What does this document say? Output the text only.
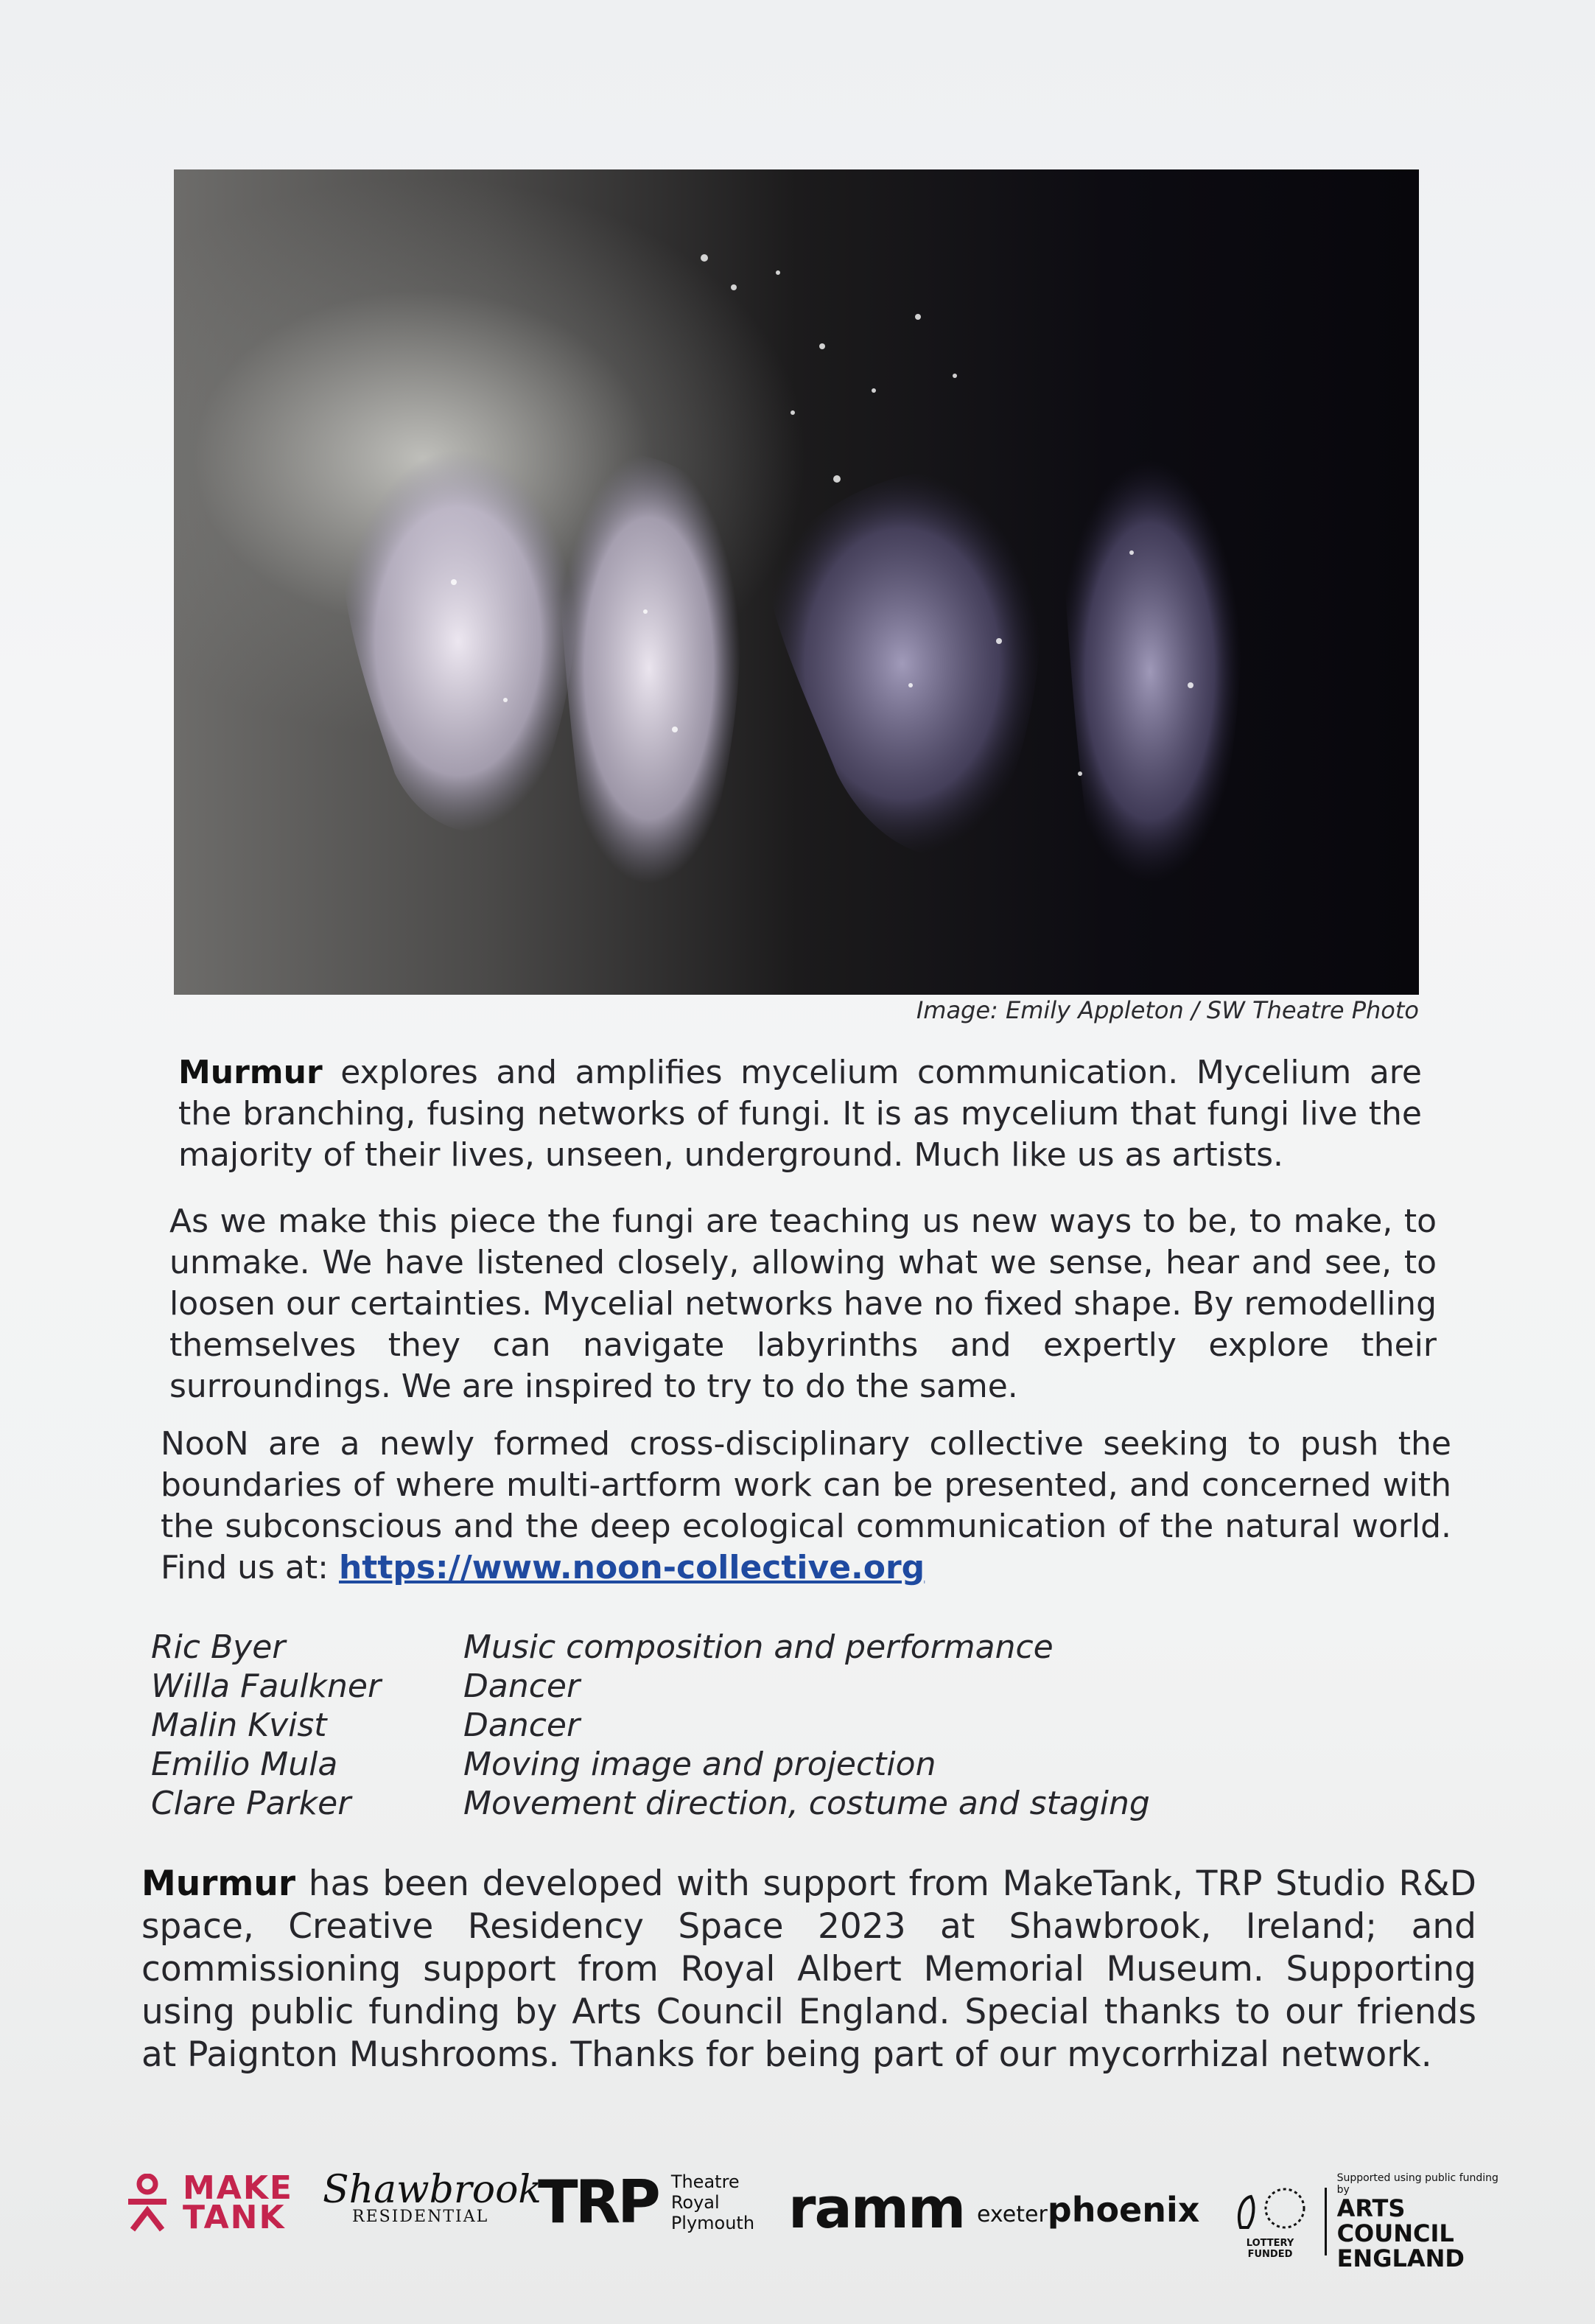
Image: Emily Appleton / SW Theatre Photo
Murmur explores and amplifies mycelium communication. Mycelium are the branching, fusing networks of fungi. It is as mycelium that fungi live the majority of their lives, unseen, underground. Much like us as artists.
As we make this piece the fungi are teaching us new ways to be, to make, to unmake. We have listened closely, allowing what we sense, hear and see, to loosen our certainties. Mycelial networks have no fixed shape. By remodelling themselves they can navigate labyrinths and expertly explore their surroundings. We are inspired to try to do the same.
NooN are a newly formed cross-disciplinary collective seeking to push the boundaries of where multi-artform work can be presented, and concerned with the subconscious and the deep ecological communication of the natural world. Find us at: https://www.noon-collective.org
Ric Byer	Music composition and performance
Willa Faulkner	Dancer
Malin Kvist	Dancer
Emilio Mula	Moving image and projection
Clare Parker	Movement direction, costume and staging
Murmur has been developed with support from MakeTank, TRP Studio R&D space, Creative Residency Space 2023 at Shawbrook, Ireland; and commissioning support from Royal Albert Memorial Museum. Supporting using public funding by Arts Council England. Special thanks to our friends at Paignton Mushrooms. Thanks for being part of our mycorrhizal network.
MAKE
TANK
Shawbrook
RESIDENTIAL TRP Theatre
Royal
Plymouth ramm exeterphoenix
LOTTERY FUNDED
Supported using public funding by
ARTS COUNCIL
ENGLAND
